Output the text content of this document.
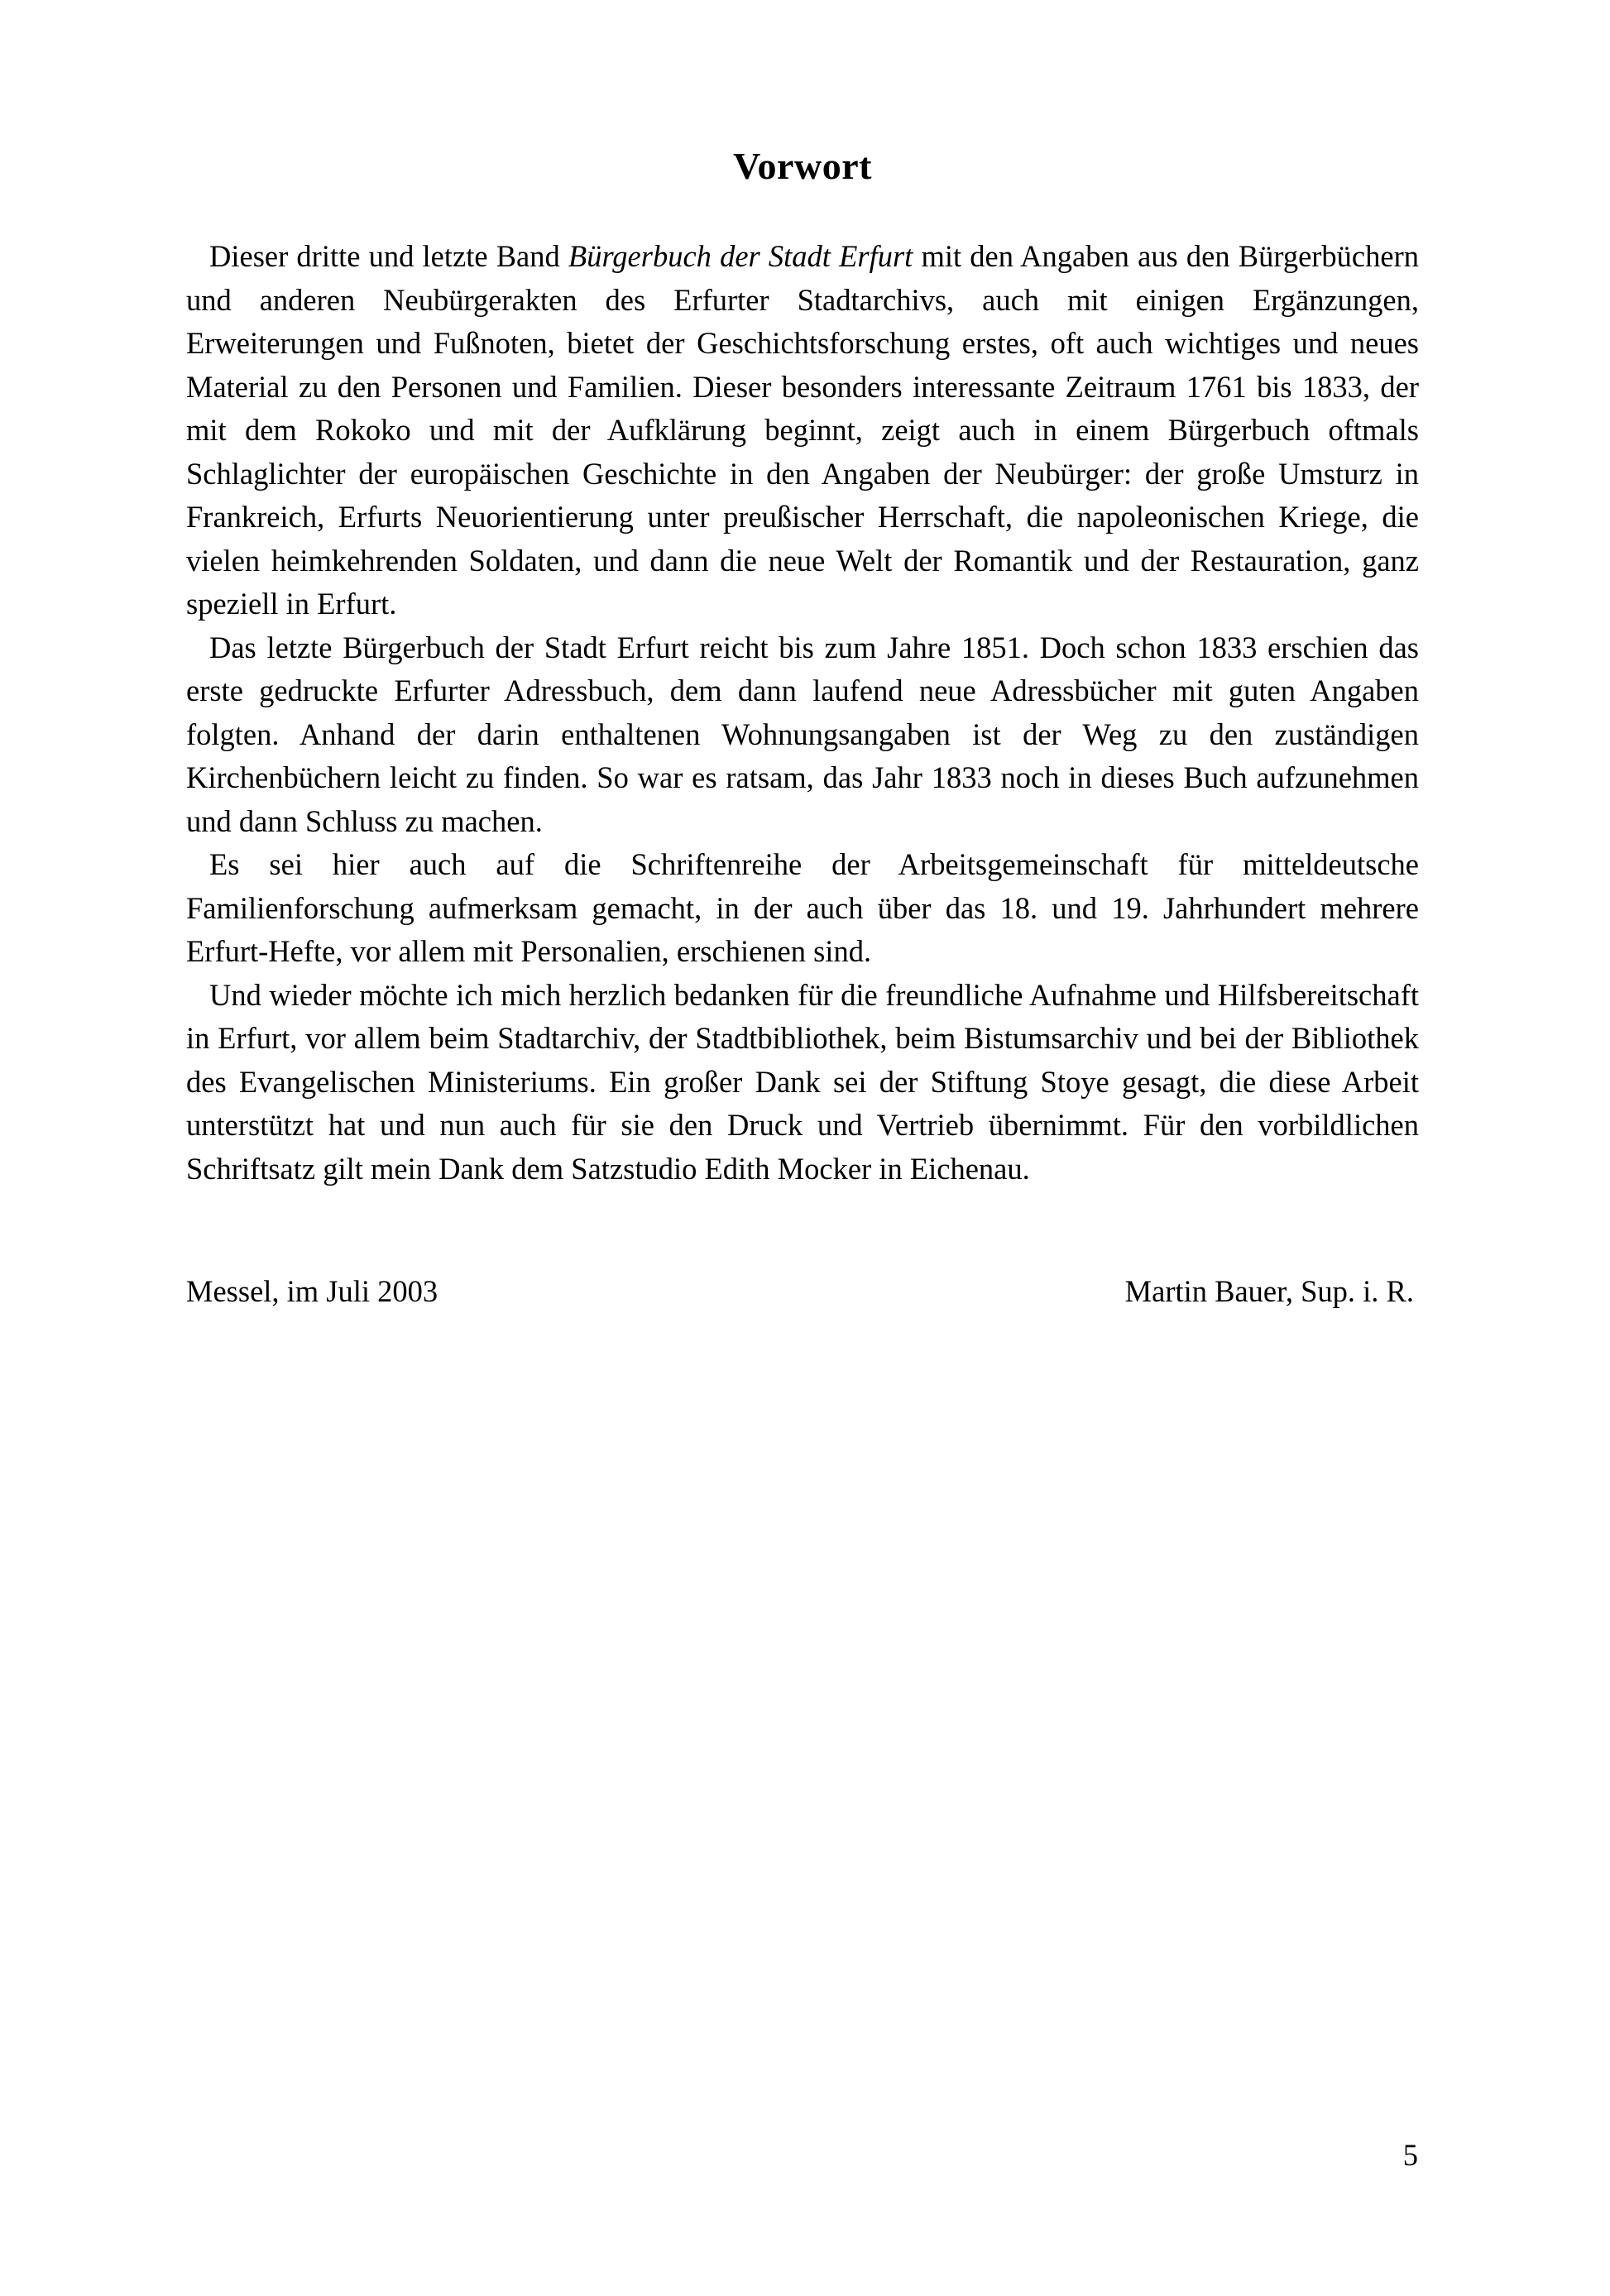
Vorwort

Dieser dritte und letzte Band Bürgerbuch der Stadt Erfurt mit den Angaben aus den Bürgerbüchern und anderen Neubürgerakten des Erfurter Stadtarchivs, auch mit einigen Ergänzungen, Erweiterungen und Fußnoten, bietet der Geschichtsforschung erstes, oft auch wichtiges und neues Material zu den Personen und Familien. Dieser besonders interessante Zeitraum 1761 bis 1833, der mit dem Rokoko und mit der Aufklärung beginnt, zeigt auch in einem Bürgerbuch oftmals Schlaglichter der europäischen Geschichte in den Angaben der Neubürger: der große Umsturz in Frankreich, Erfurts Neuorientierung unter preußischer Herrschaft, die napoleonischen Kriege, die vielen heimkehrenden Soldaten, und dann die neue Welt der Romantik und der Restauration, ganz speziell in Erfurt.

Das letzte Bürgerbuch der Stadt Erfurt reicht bis zum Jahre 1851. Doch schon 1833 erschien das erste gedruckte Erfurter Adressbuch, dem dann laufend neue Adressbücher mit guten Angaben folgten. Anhand der darin enthaltenen Wohnungsangaben ist der Weg zu den zuständigen Kirchenbüchern leicht zu finden. So war es ratsam, das Jahr 1833 noch in dieses Buch aufzunehmen und dann Schluss zu machen.

Es sei hier auch auf die Schriftenreihe der Arbeitsgemeinschaft für mitteldeutsche Familienforschung aufmerksam gemacht, in der auch über das 18. und 19. Jahrhundert mehrere Erfurt-Hefte, vor allem mit Personalien, erschienen sind.

Und wieder möchte ich mich herzlich bedanken für die freundliche Aufnahme und Hilfsbereitschaft in Erfurt, vor allem beim Stadtarchiv, der Stadtbibliothek, beim Bistumsarchiv und bei der Bibliothek des Evangelischen Ministeriums. Ein großer Dank sei der Stiftung Stoye gesagt, die diese Arbeit unterstützt hat und nun auch für sie den Druck und Vertrieb übernimmt. Für den vorbildlichen Schriftsatz gilt mein Dank dem Satzstudio Edith Mocker in Eichenau.

Messel, im Juli 2003	Martin Bauer, Sup. i. R.
5
